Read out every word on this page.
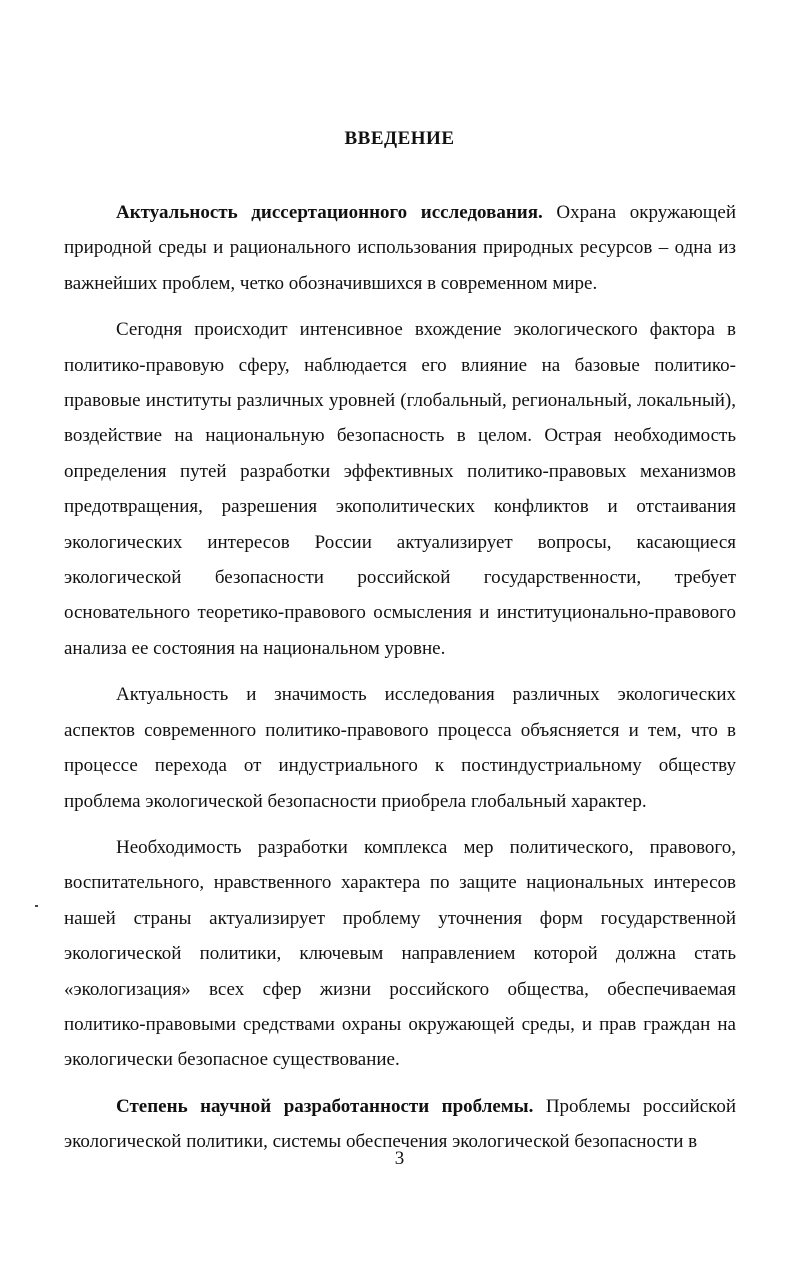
ВВЕДЕНИЕ

Актуальность диссертационного исследования. Охрана окружающей природной среды и рационального использования природных ресурсов – одна из важнейших проблем, четко обозначившихся в современном мире.

Сегодня происходит интенсивное вхождение экологического фактора в политико-правовую сферу, наблюдается его влияние на базовые политико-правовые институты различных уровней (глобальный, региональный, локальный), воздействие на национальную безопасность в целом. Острая необходимость определения путей разработки эффективных политико-правовых механизмов предотвращения, разрешения экополитических конфликтов и отстаивания экологических интересов России актуализирует вопросы, касающиеся экологической безопасности российской государственности, требует основательного теоретико-правового осмысления и институционально-правового анализа ее состояния на национальном уровне.

Актуальность и значимость исследования различных экологических аспектов современного политико-правового процесса объясняется и тем, что в процессе перехода от индустриального к постиндустриальному обществу проблема экологической безопасности приобрела глобальный характер.

Необходимость разработки комплекса мер политического, правового, воспитательного, нравственного характера по защите национальных интересов нашей страны актуализирует проблему уточнения форм государственной экологической политики, ключевым направлением которой должна стать «экологизация» всех сфер жизни российского общества, обеспечиваемая политико-правовыми средствами охраны окружающей среды, и прав граждан на экологически безопасное существование.

Степень научной разработанности проблемы. Проблемы российской экологической политики, системы обеспечения экологической безопасности в

3
